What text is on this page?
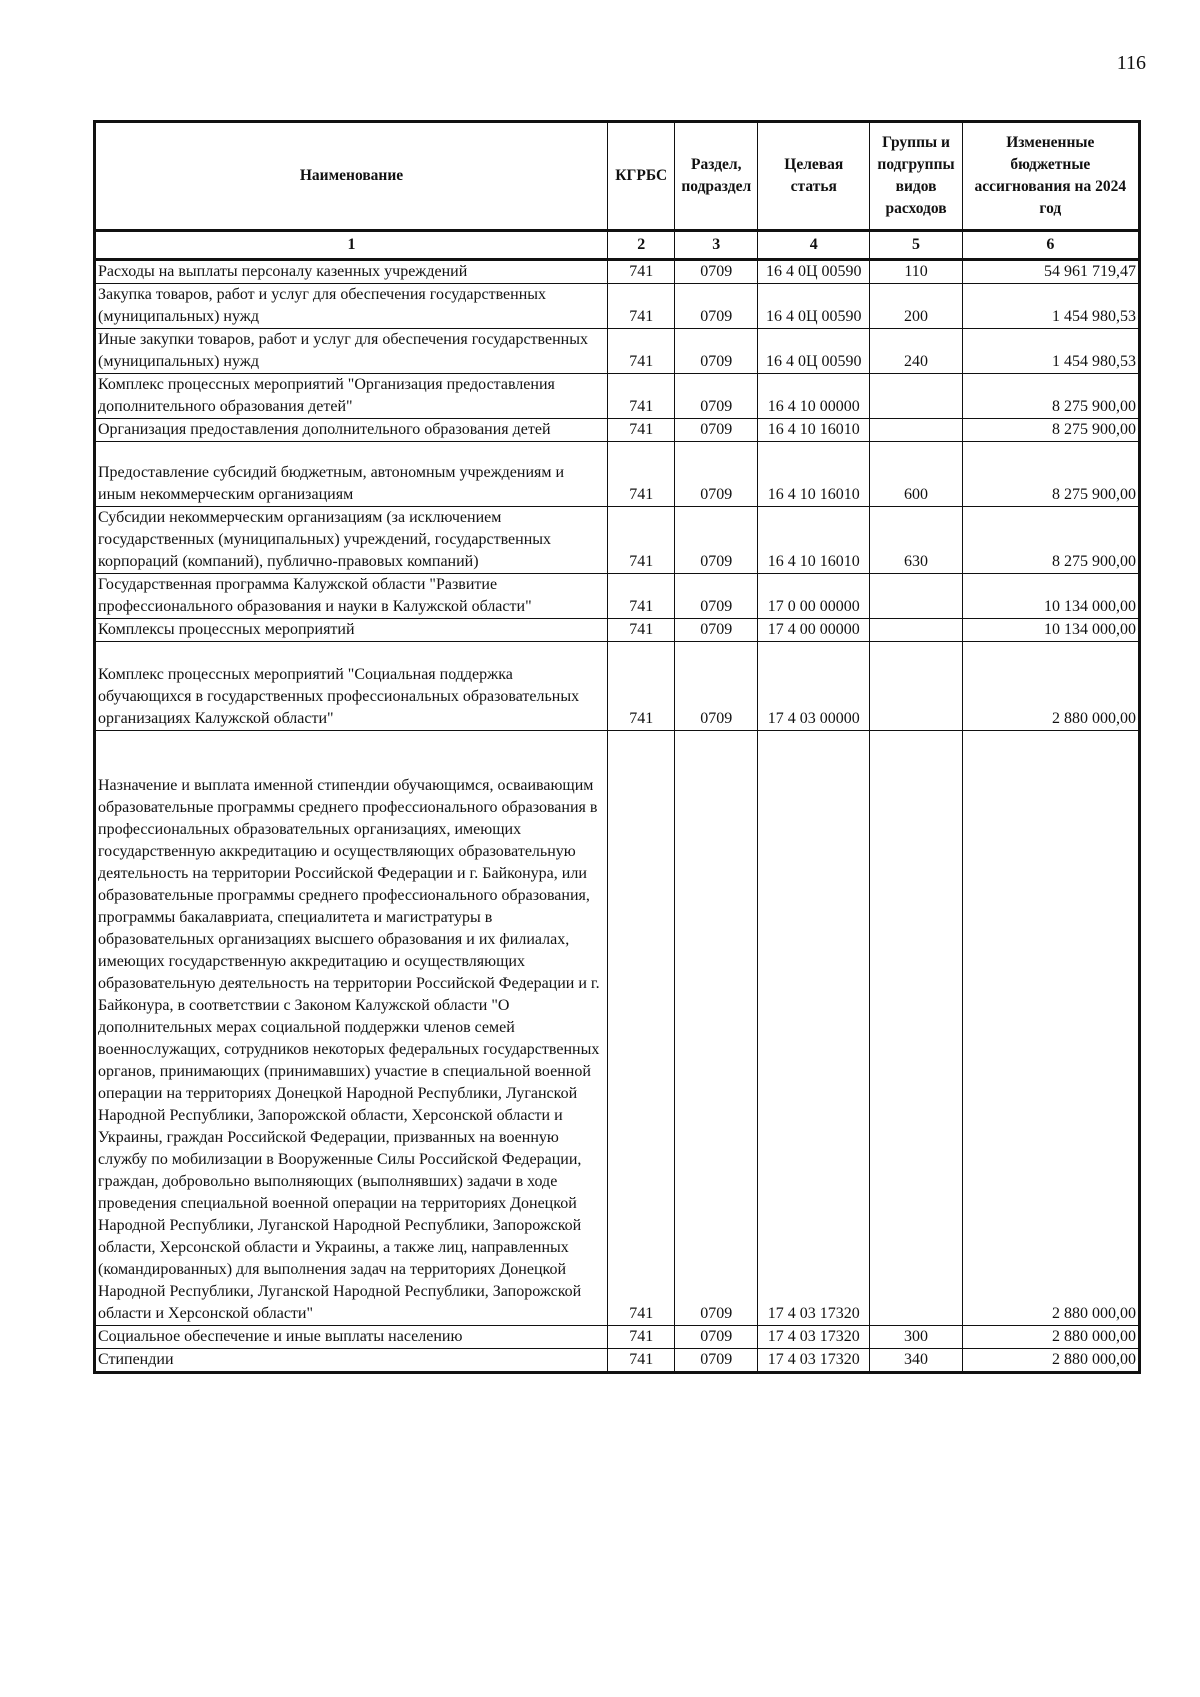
116
Наименование	КГРБС	Раздел, подраздел	Целевая статья	Группы и подгруппы видов расходов	Измененные бюджетные ассигнования на 2024 год
1	2	3	4	5	6
Расходы на выплаты персоналу казенных учреждений	741	0709	16 4 0Ц 00590	110	54 961 719,47
Закупка товаров, работ и услуг для обеспечения государственных (муниципальных) нужд	741	0709	16 4 0Ц 00590	200	1 454 980,53
Иные закупки товаров, работ и услуг для обеспечения государственных (муниципальных) нужд	741	0709	16 4 0Ц 00590	240	1 454 980,53
Комплекс процессных мероприятий "Организация предоставления дополнительного образования детей"	741	0709	16 4 10 00000		8 275 900,00
Организация предоставления дополнительного образования детей	741	0709	16 4 10 16010		8 275 900,00
Предоставление субсидий бюджетным, автономным учреждениям и иным некоммерческим организациям	741	0709	16 4 10 16010	600	8 275 900,00
Субсидии некоммерческим организациям (за исключением государственных (муниципальных) учреждений, государственных корпораций (компаний), публично-правовых компаний)	741	0709	16 4 10 16010	630	8 275 900,00
Государственная программа Калужской области "Развитие профессионального образования и науки в Калужской области"	741	0709	17 0 00 00000		10 134 000,00
Комплексы процессных мероприятий	741	0709	17 4 00 00000		10 134 000,00
Комплекс процессных мероприятий "Социальная поддержка обучающихся в государственных профессиональных образовательных организациях Калужской области"	741	0709	17 4 03 00000		2 880 000,00
Назначение и выплата именной стипендии обучающимся, осваивающим образовательные программы среднего профессионального образования в профессиональных образовательных организациях, имеющих государственную аккредитацию и осуществляющих образовательную деятельность на территории Российской Федерации и г. Байконура, или образовательные программы среднего профессионального образования, программы бакалавриата, специалитета и магистратуры в образовательных организациях высшего образования и их филиалах, имеющих государственную аккредитацию и осуществляющих образовательную деятельность на территории Российской Федерации и г. Байконура, в соответствии с Законом Калужской области "О дополнительных мерах социальной поддержки членов семей военнослужащих, сотрудников некоторых федеральных государственных органов, принимающих (принимавших) участие в специальной военной операции на территориях Донецкой Народной Республики, Луганской Народной Республики, Запорожской области, Херсонской области и Украины, граждан Российской Федерации, призванных на военную службу по мобилизации в Вооруженные Силы Российской Федерации, граждан, добровольно выполняющих (выполнявших) задачи в ходе проведения специальной военной операции на территориях Донецкой Народной Республики, Луганской Народной Республики, Запорожской области, Херсонской области и Украины, а также лиц, направленных (командированных) для выполнения задач на территориях Донецкой Народной Республики, Луганской Народной Республики, Запорожской области и Херсонской области"	741	0709	17 4 03 17320		2 880 000,00
Социальное обеспечение и иные выплаты населению	741	0709	17 4 03 17320	300	2 880 000,00
Стипендии	741	0709	17 4 03 17320	340	2 880 000,00
